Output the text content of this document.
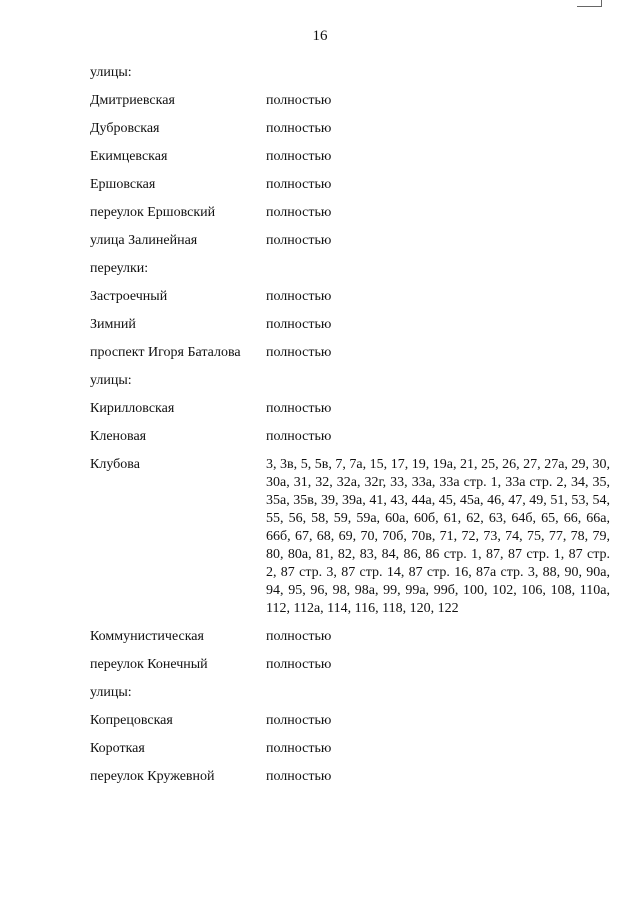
16
улицы:
Дмитриевская	полностью
Дубровская	полностью
Екимцевская	полностью
Ершовская	полностью
переулок Ершовский	полностью
улица Залинейная	полностью
переулки:
Застроечный	полностью
Зимний	полностью
проспект Игоря Баталова	полностью
улицы:
Кирилловская	полностью
Кленовая	полностью
Клубова	3, 3в, 5, 5в, 7, 7а, 15, 17, 19, 19а, 21, 25, 26, 27, 27а, 29, 30, 30а, 31, 32, 32а, 32г, 33, 33а, 33а стр. 1, 33а стр. 2, 34, 35, 35а, 35в, 39, 39а, 41, 43, 44а, 45, 45а, 46, 47, 49, 51, 53, 54, 55, 56, 58, 59, 59а, 60а, 60б, 61, 62, 63, 64б, 65, 66, 66а, 66б, 67, 68, 69, 70, 70б, 70в, 71, 72, 73, 74, 75, 77, 78, 79, 80, 80а, 81, 82, 83, 84, 86, 86 стр. 1, 87, 87 стр. 1, 87 стр. 2, 87 стр. 3, 87 стр. 14, 87 стр. 16, 87а стр. 3, 88, 90, 90а, 94, 95, 96, 98, 98а, 99, 99а, 99б, 100, 102, 106, 108, 110а, 112, 112а, 114, 116, 118, 120, 122
Коммунистическая	полностью
переулок Конечный	полностью
улицы:
Копрецовская	полностью
Короткая	полностью
переулок Кружевной	полностью
